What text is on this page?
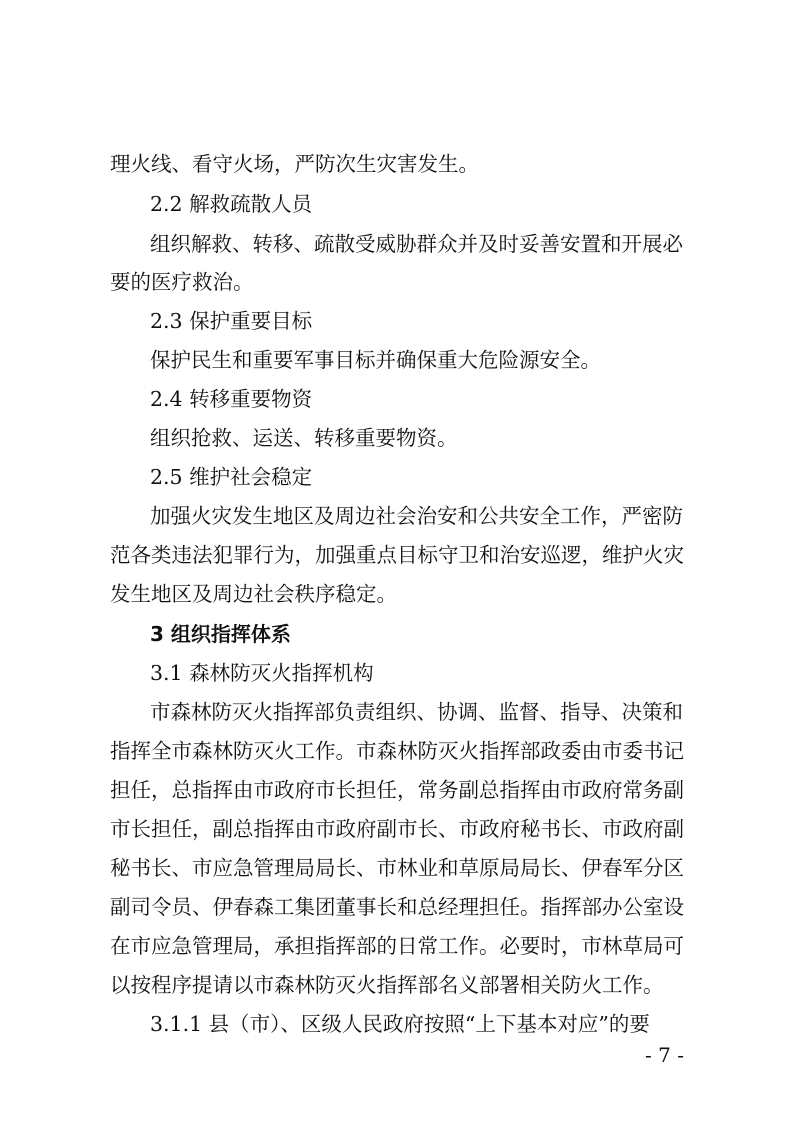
理火线、看守火场，严防次生灾害发生。
2.2 解救疏散人员
组织解救、转移、疏散受威胁群众并及时妥善安置和开展必
要的医疗救治。
2.3 保护重要目标
保护民生和重要军事目标并确保重大危险源安全。
2.4 转移重要物资
组织抢救、运送、转移重要物资。
2.5 维护社会稳定
加强火灾发生地区及周边社会治安和公共安全工作，严密防
范各类违法犯罪行为，加强重点目标守卫和治安巡逻，维护火灾
发生地区及周边社会秩序稳定。
3 组织指挥体系
3.1 森林防灭火指挥机构
市森林防灭火指挥部负责组织、协调、监督、指导、决策和
指挥全市森林防灭火工作。市森林防灭火指挥部政委由市委书记
担任，总指挥由市政府市长担任，常务副总指挥由市政府常务副
市长担任，副总指挥由市政府副市长、市政府秘书长、市政府副
秘书长、市应急管理局局长、市林业和草原局局长、伊春军分区
副司令员、伊春森工集团董事长和总经理担任。指挥部办公室设
在市应急管理局，承担指挥部的日常工作。必要时，市林草局可
以按程序提请以市森林防灭火指挥部名义部署相关防火工作。
3.1.1 县（市）、区级人民政府按照“上下基本对应”的要
- 7 -
